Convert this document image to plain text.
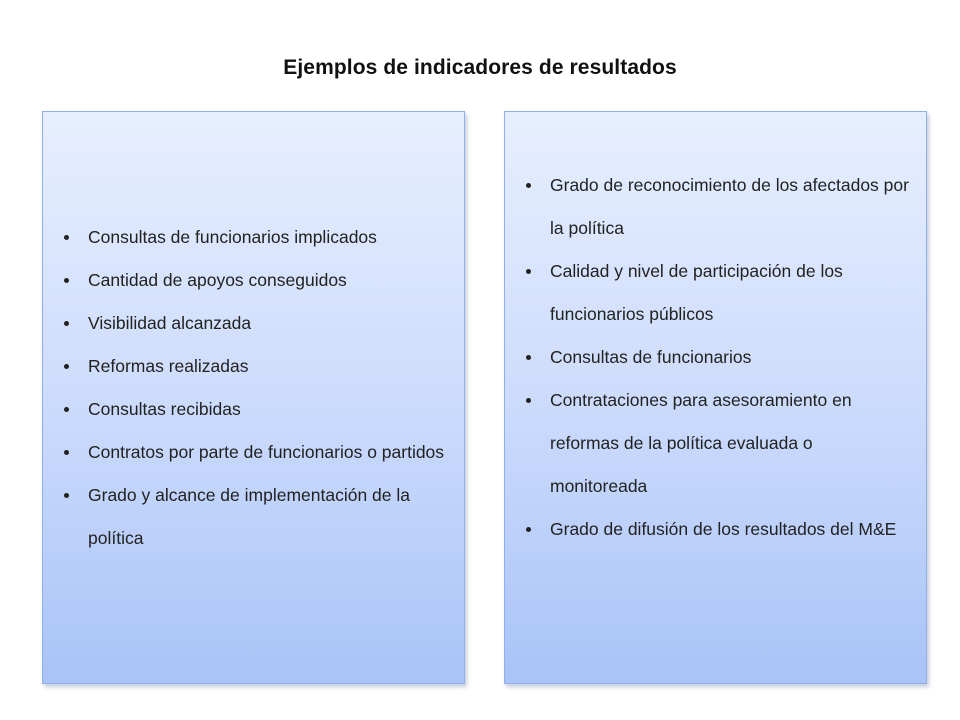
Ejemplos de indicadores de resultados
Consultas de funcionarios implicados
Cantidad de apoyos conseguidos
Visibilidad alcanzada
Reformas realizadas
Consultas recibidas
Contratos por parte de funcionarios o partidos
Grado y alcance de implementación de la política
Grado de reconocimiento de los afectados por la política
Calidad y nivel de participación de los funcionarios públicos
Consultas de funcionarios
Contrataciones para asesoramiento en reformas de la política evaluada o monitoreada
Grado de difusión de los resultados del M&E
